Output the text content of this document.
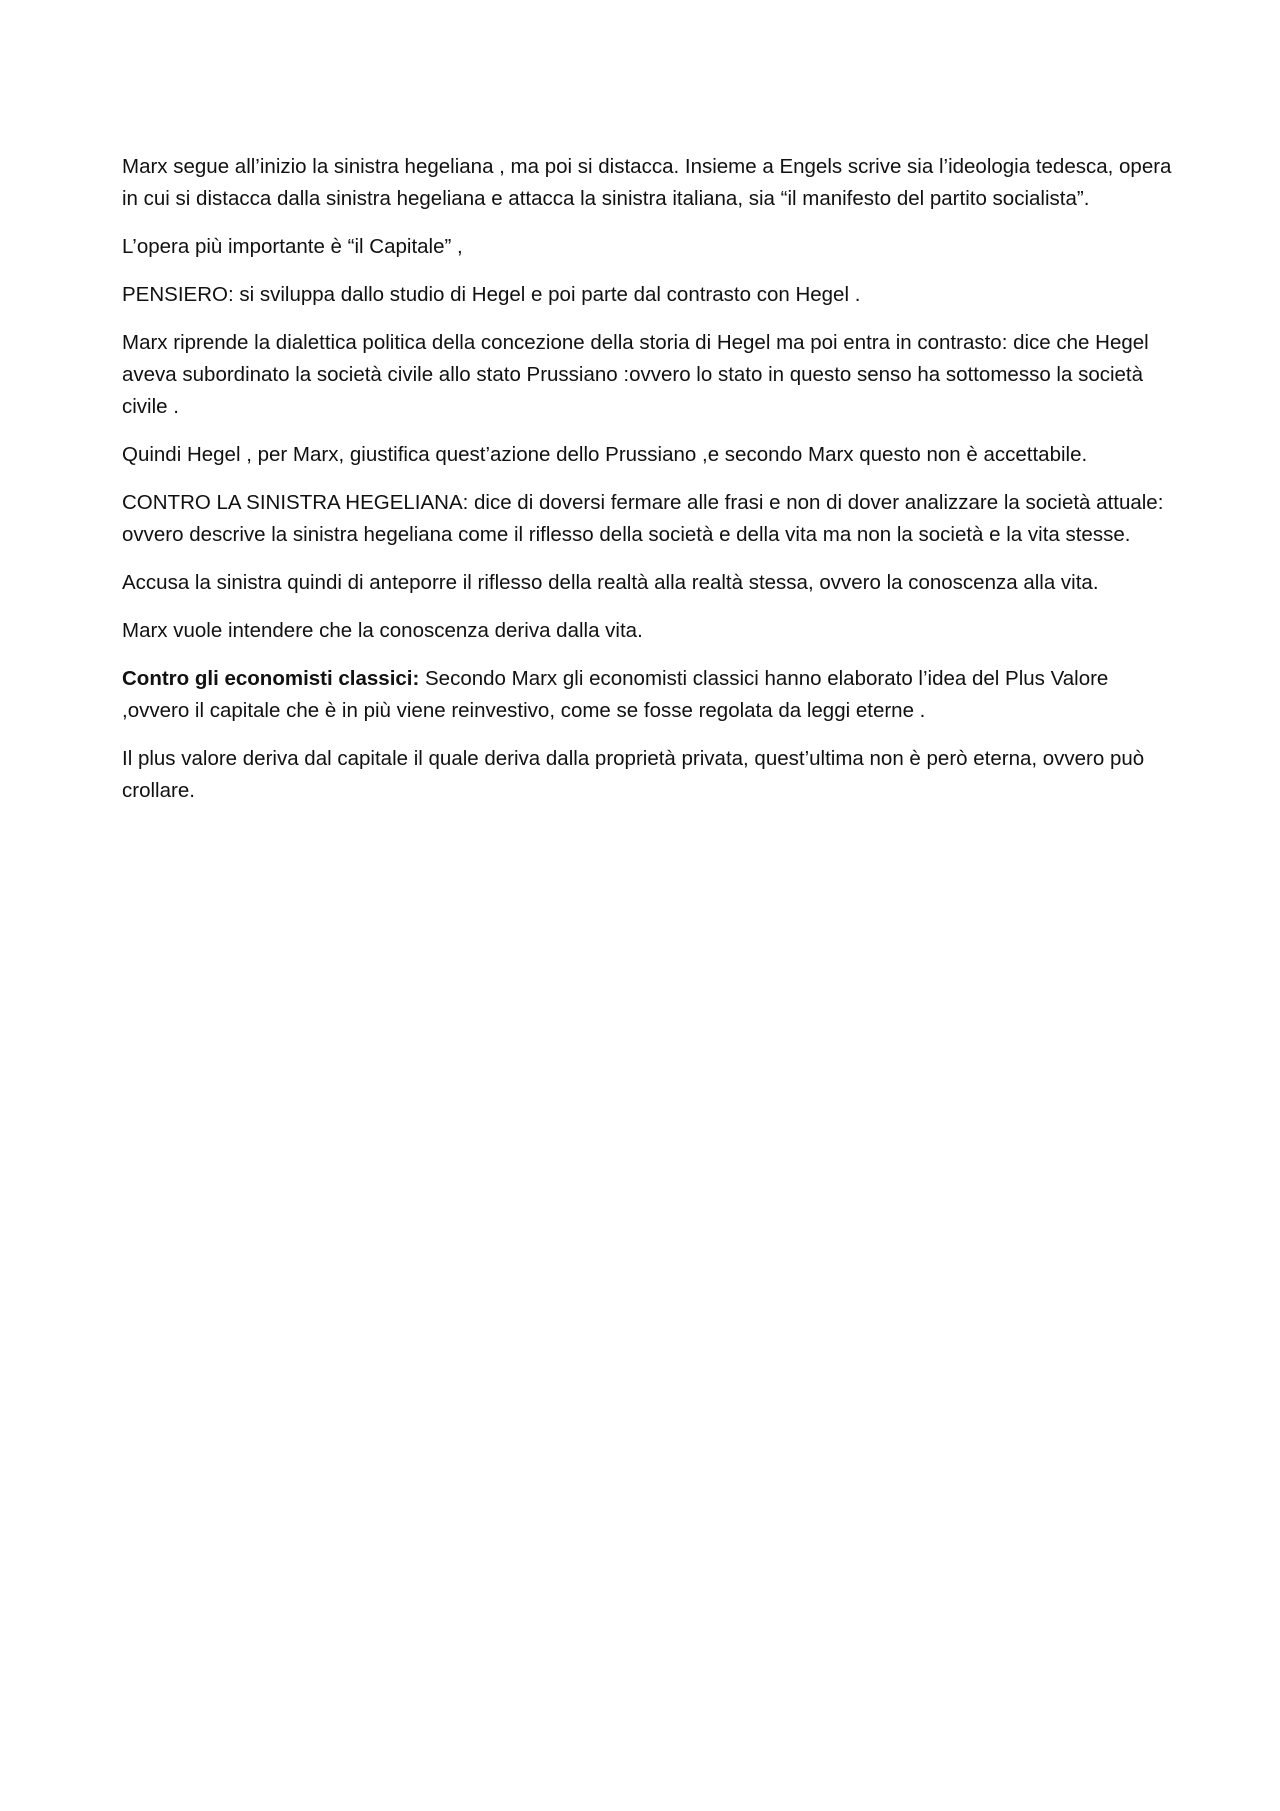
Marx segue all’inizio la sinistra hegeliana , ma poi si distacca. Insieme a Engels scrive sia l’ideologia tedesca, opera in cui si distacca dalla sinistra hegeliana e attacca la sinistra italiana, sia “il manifesto del partito socialista”.

L’opera più importante è “il Capitale” ,

PENSIERO: si sviluppa dallo studio di Hegel e poi parte dal contrasto con Hegel .

Marx riprende la dialettica politica della concezione della storia di Hegel ma poi entra in contrasto: dice che Hegel aveva subordinato la società civile allo stato Prussiano :ovvero lo stato in questo senso ha sottomesso la società civile .

Quindi Hegel , per Marx, giustifica quest’azione dello Prussiano ,e secondo Marx questo non è accettabile.

CONTRO LA SINISTRA HEGELIANA: dice di doversi fermare alle frasi e non di dover analizzare la società attuale: ovvero descrive la sinistra hegeliana come il riflesso della società e della vita ma non la società e la vita stesse.

Accusa la sinistra quindi di anteporre il riflesso della realtà alla realtà stessa, ovvero la conoscenza alla vita.

Marx vuole intendere che la conoscenza deriva dalla vita.

Contro gli economisti classici: Secondo Marx gli economisti classici hanno elaborato l’idea del Plus Valore ,ovvero il capitale che è in più viene reinvestivo, come se fosse regolata da leggi eterne .

Il plus valore deriva dal capitale il quale deriva dalla proprietà privata, quest’ultima non è però eterna, ovvero può crollare.
